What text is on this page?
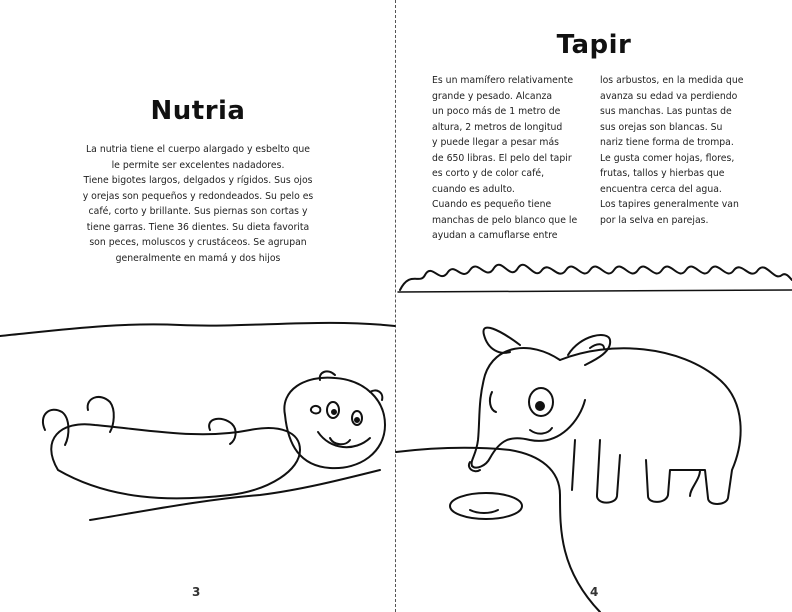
Nutria
La nutria tiene el cuerpo alargado y esbelto que
le permite ser excelentes nadadores.
Tiene bigotes largos, delgados y rígidos. Sus ojos
y orejas son pequeños y redondeados. Su pelo es
café, corto y brillante. Sus piernas son cortas y
tiene garras. Tiene 36 dientes. Su dieta favorita
son peces, moluscos y crustáceos. Se agrupan
generalmente en mamá y dos hijos
3
Tapir
Es un mamífero relativamente
grande y pesado. Alcanza
un poco más de 1 metro de
altura, 2 metros de longitud
y puede llegar a pesar más
de 650 libras. El pelo del tapir
es corto y de color café,
cuando es adulto.
Cuando es pequeño tiene
manchas de pelo blanco que le
ayudan a camuflarse entre
los arbustos, en la medida que
avanza su edad va perdiendo
sus manchas. Las puntas de
sus orejas son blancas. Su
nariz tiene forma de trompa.
Le gusta comer hojas, flores,
frutas, tallos y hierbas que
encuentra cerca del agua.
Los tapires generalmente van
por la selva en parejas.
4
